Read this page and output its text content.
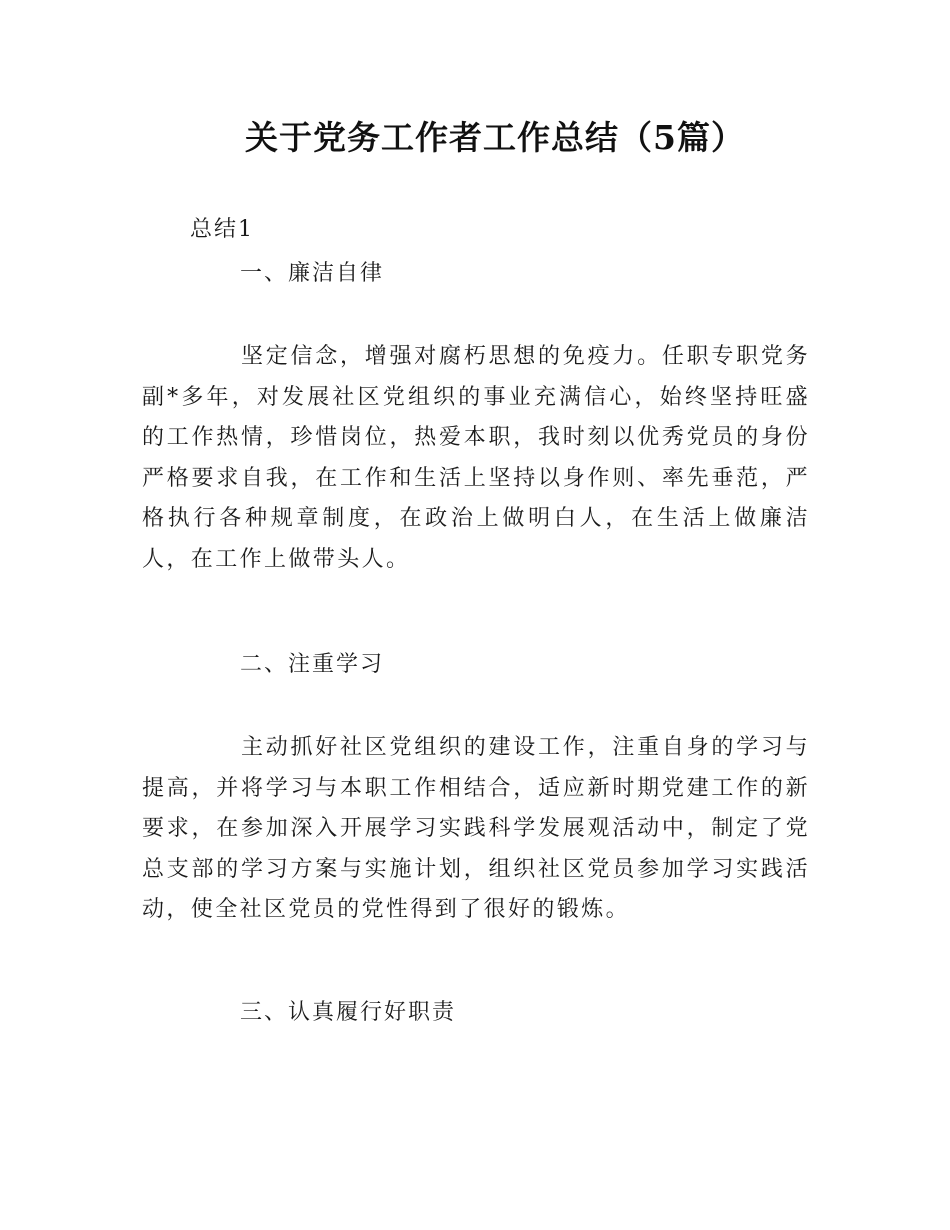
关于党务工作者工作总结（5篇）
总结1
一、廉洁自律
坚定信念，增强对腐朽思想的免疫力。任职专职党务副*多年，对发展社区党组织的事业充满信心，始终坚持旺盛的工作热情，珍惜岗位，热爱本职，我时刻以优秀党员的身份严格要求自我，在工作和生活上坚持以身作则、率先垂范，严格执行各种规章制度，在政治上做明白人，在生活上做廉洁人，在工作上做带头人。
二、注重学习
主动抓好社区党组织的建设工作，注重自身的学习与提高，并将学习与本职工作相结合，适应新时期党建工作的新要求，在参加深入开展学习实践科学发展观活动中，制定了党总支部的学习方案与实施计划，组织社区党员参加学习实践活动，使全社区党员的党性得到了很好的锻炼。
三、认真履行好职责
